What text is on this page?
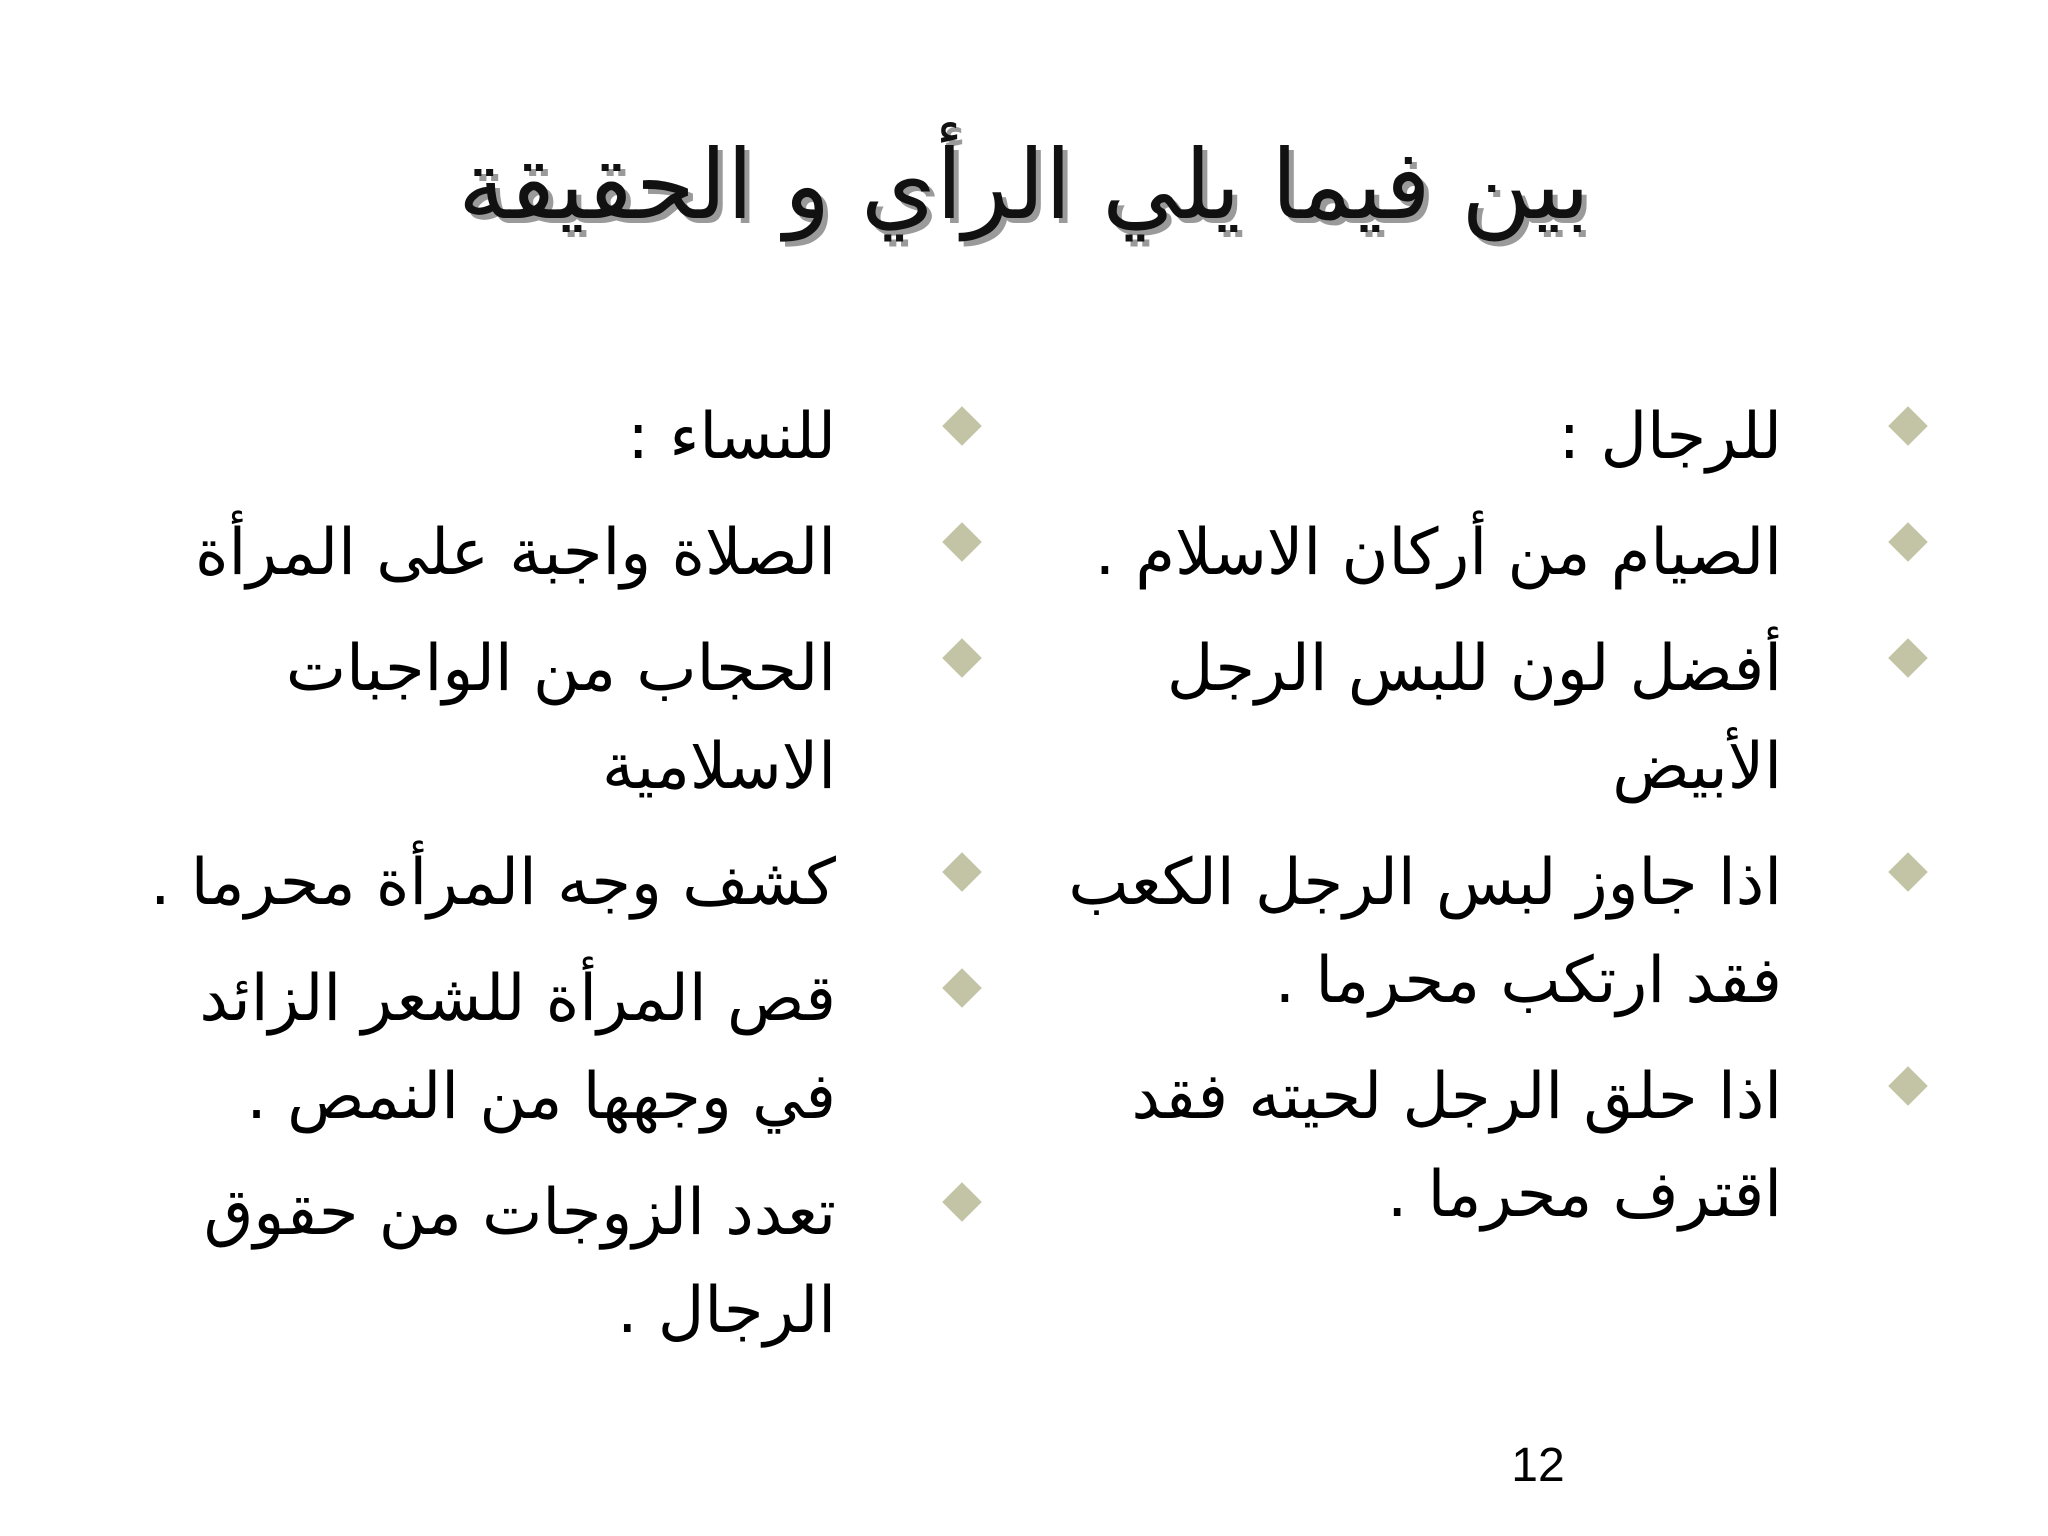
بين فيما يلي الرأي و الحقيقة
للرجال :
الصيام من أركان الاسلام .
أفضل لون للبس الرجل الأبيض
اذا جاوز لبس الرجل الكعب فقد ارتكب محرما .
اذا حلق الرجل لحيته فقد اقترف محرما .
للنساء :
الصلاة واجبة على المرأة
الحجاب من الواجبات الاسلامية
كشف وجه المرأة محرما .
قص المرأة للشعر الزائد في وجهها من النمص .
تعدد الزوجات من حقوق الرجال .
12
